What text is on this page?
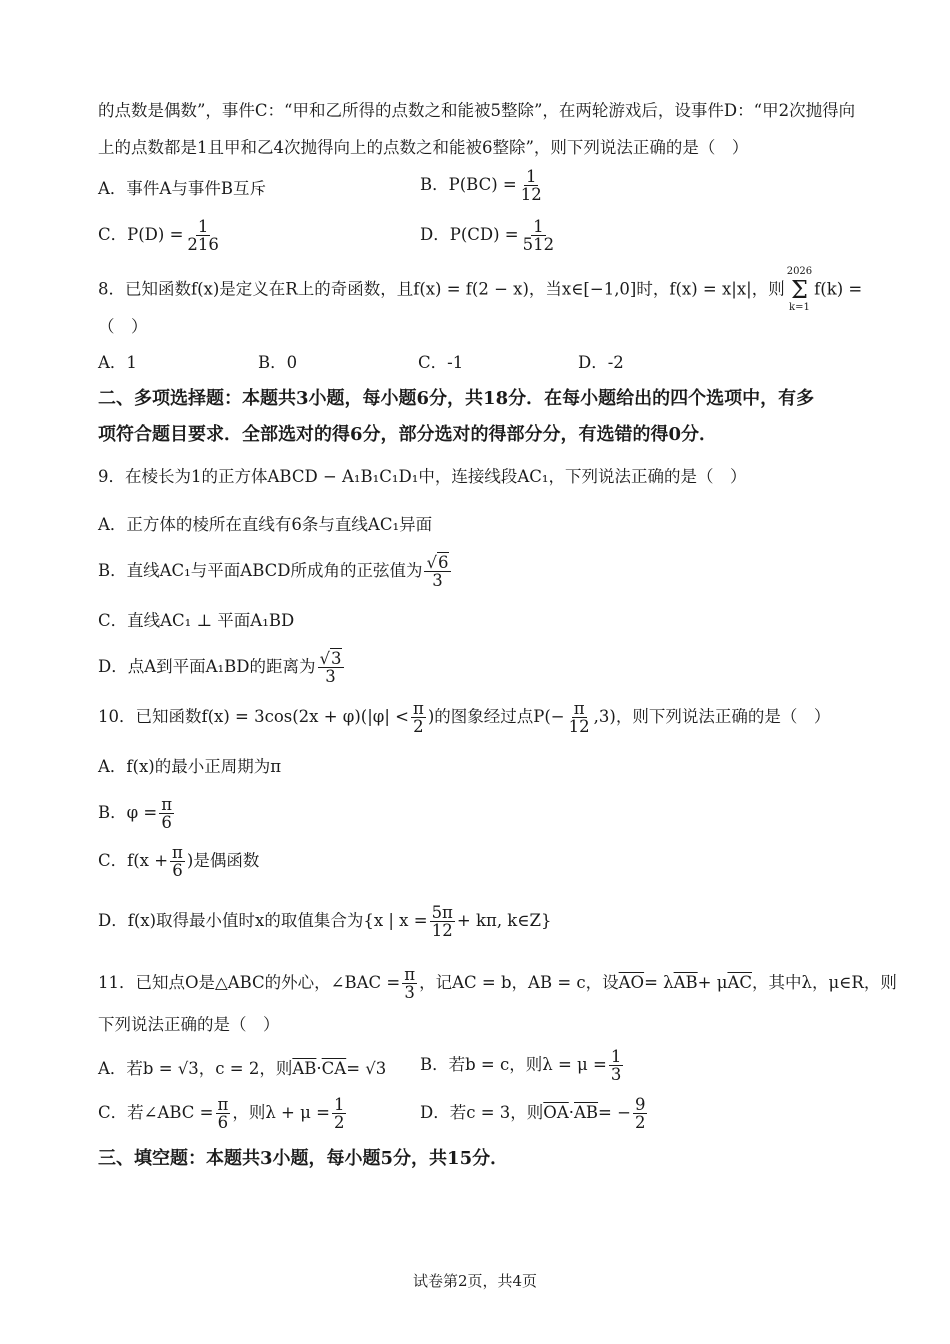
的点数是偶数”，事件C：“甲和乙所得的点数之和能被5整除”，在两轮游戏后，设事件D：“甲2次抛得向
上的点数都是1且甲和乙4次抛得向上的点数之和能被6整除”，则下列说法正确的是（　）
A．事件A与事件B互斥	B．$P(BC) = \frac{1}{12}$
C．$P(D) = \frac{1}{216}$	D．$P(CD) = \frac{1}{512}$
8．已知函数f(x)是定义在R上的奇函数，且f(x) = f(2 − x)，当x∈[−1,0]时，f(x) = x|x|，则
2026
Σ
k=1
f(k) =
（　）
A．1	B．0	C．-1	D．-2
二、多项选择题：本题共3小题，每小题6分，共18分．在每小题给出的四个选项中，有多
项符合题目要求．全部选对的得6分，部分选对的得部分分，有选错的得0分．
9．在棱长为1的正方体ABCD − A₁B₁C₁D₁中，连接线段AC₁，下列说法正确的是（　）
A．正方体的棱所在直线有6条与直线AC₁异面
B．直线AC₁与平面ABCD所成角的正弦值为 $\frac{√6}{3}$
C．直线AC₁ ⊥ 平面A₁BD
D．点A到平面A₁BD的距离为 $\frac{√3}{3}$
10．已知函数$f(x) = 3\cos(2x + \varphi)(|\varphi| < \frac{\pi}{2}$ )的图象经过点$P(- \frac{\pi}{12} ,3)$，则下列说法正确的是（　）
A．f(x)的最小正周期为π
B．$\varphi = \frac{\pi}{6}$
C．$f(x + \frac{\pi}{6}$ )是偶函数
D．f(x)取得最小值时x的取值集合为{x | $x = \frac{5\pi}{12} + k\pi$, k∈Z}
11．已知点O是△ABC的外心，∠BAC = $\frac{\pi}{3}$ ，记AC = b，AB = c，设$\overline{AO}= \lambda\overline{AB}+ \mu\overline{AC}$，其中λ，μ∈R，则
下列说法正确的是（　）
A．若b = √3，c = 2，则$\overline{AB}\cdot\overline{CA}= √3$ B．若b = c，则$\lambda = \mu = \frac{1}{3}$
C．若∠ABC = $\frac{\pi}{6}$ ，则$\lambda + \mu = \frac{1}{2}$	D．若c = 3，则$\overline{OA}\cdot\overline{AB}= - \frac{9}{2}$
三、填空题：本题共3小题，每小题5分，共15分．
试卷第2页，共4页
